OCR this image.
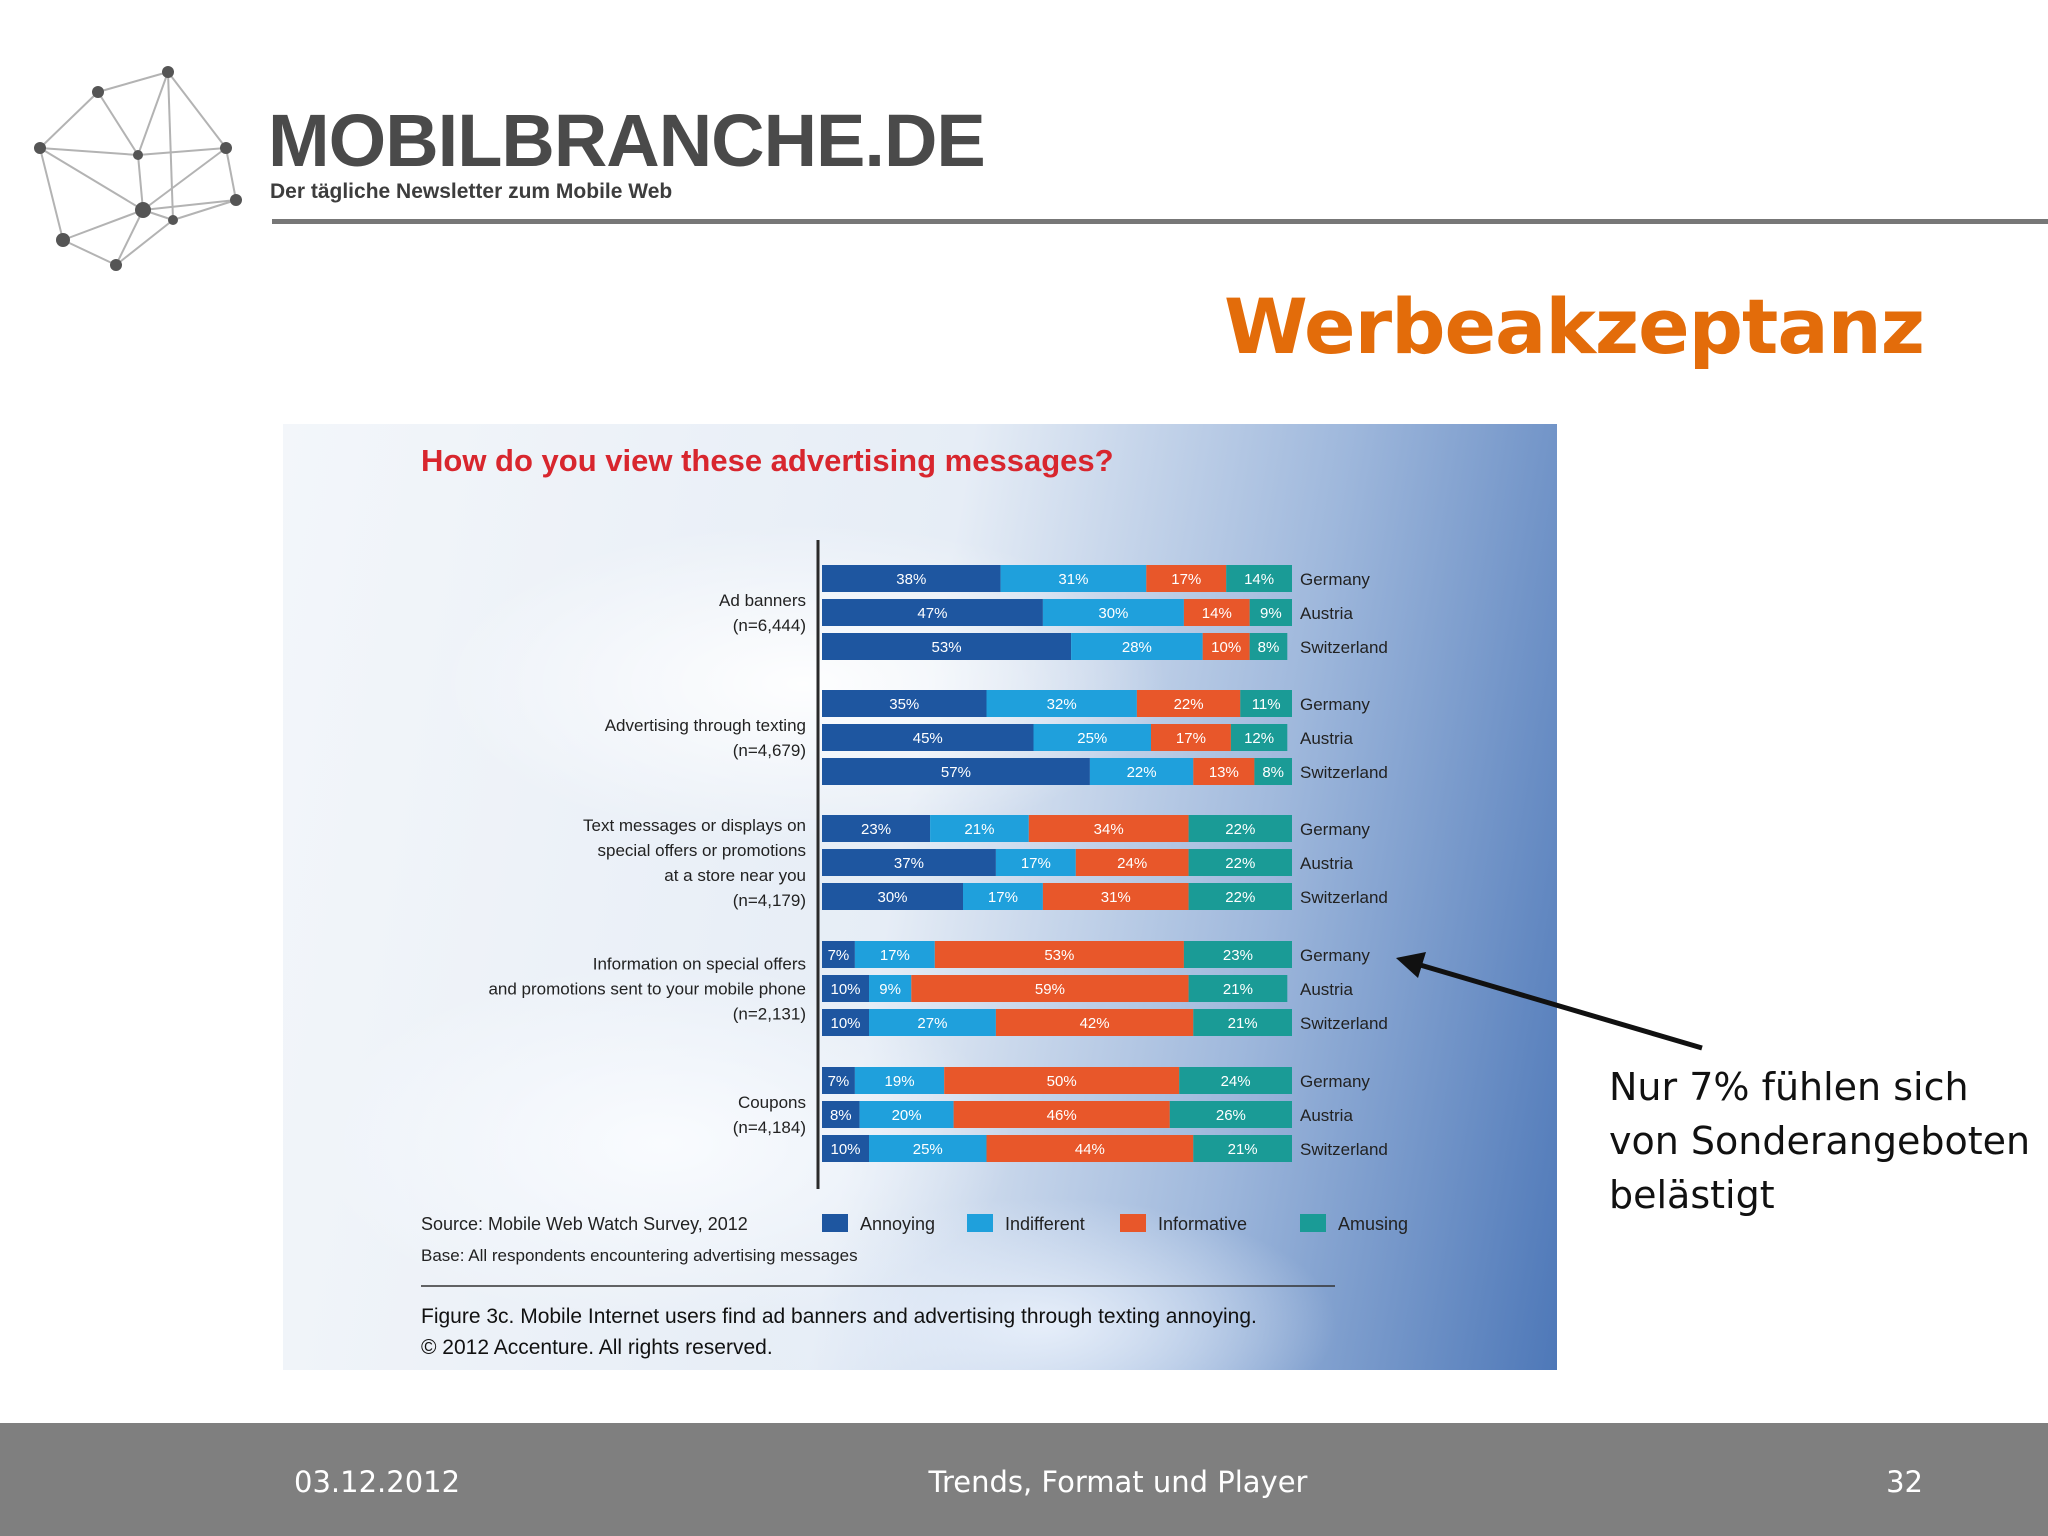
MOBILBRANCHE.DE
Der tägliche Newsletter zum Mobile Web
Werbeakzeptanz
How do you view these advertising messages?
Ad banners
(n=6,444)
38%	31%	17%	14% Germany
47%	30%	14% 9% Austria
53%	28%	10% 8% Switzerland
Advertising through texting
(n=4,679)
35%	32%	22%	11% Germany
45%	25%	17%	12% Austria
57%	22%	13% 8% Switzerland
Text messages or displays on
special offers or promotions
at a store near you
(n=4,179)
23%	21%	34%	22%	Germany
37%	17%	24%	22%	Austria
30%	17%	31%	22%	Switzerland
Information on special offers
and promotions sent to your mobile phone
(n=2,131)
7% 17%	53%	23%	Germany
10% 9%	59%	21%	Austria
10%	27%	42%	21% Switzerland
Coupons
(n=4,184)
7% 19%	50%	24%	Germany
8%	20%	46%	26%	Austria
10%	25%	44%	21% Switzerland
Source: Mobile Web Watch Survey, 2012
Base: All respondents encountering advertising messages
Annoying	Indifferent	Informative	Amusing
Figure 3c. Mobile Internet users find ad banners and advertising through texting annoying.
© 2012 Accenture. All rights reserved.
Nur 7% fühlen sich
von Sonderangeboten
belästigt
03.12.2012	Trends, Format und Player	32
